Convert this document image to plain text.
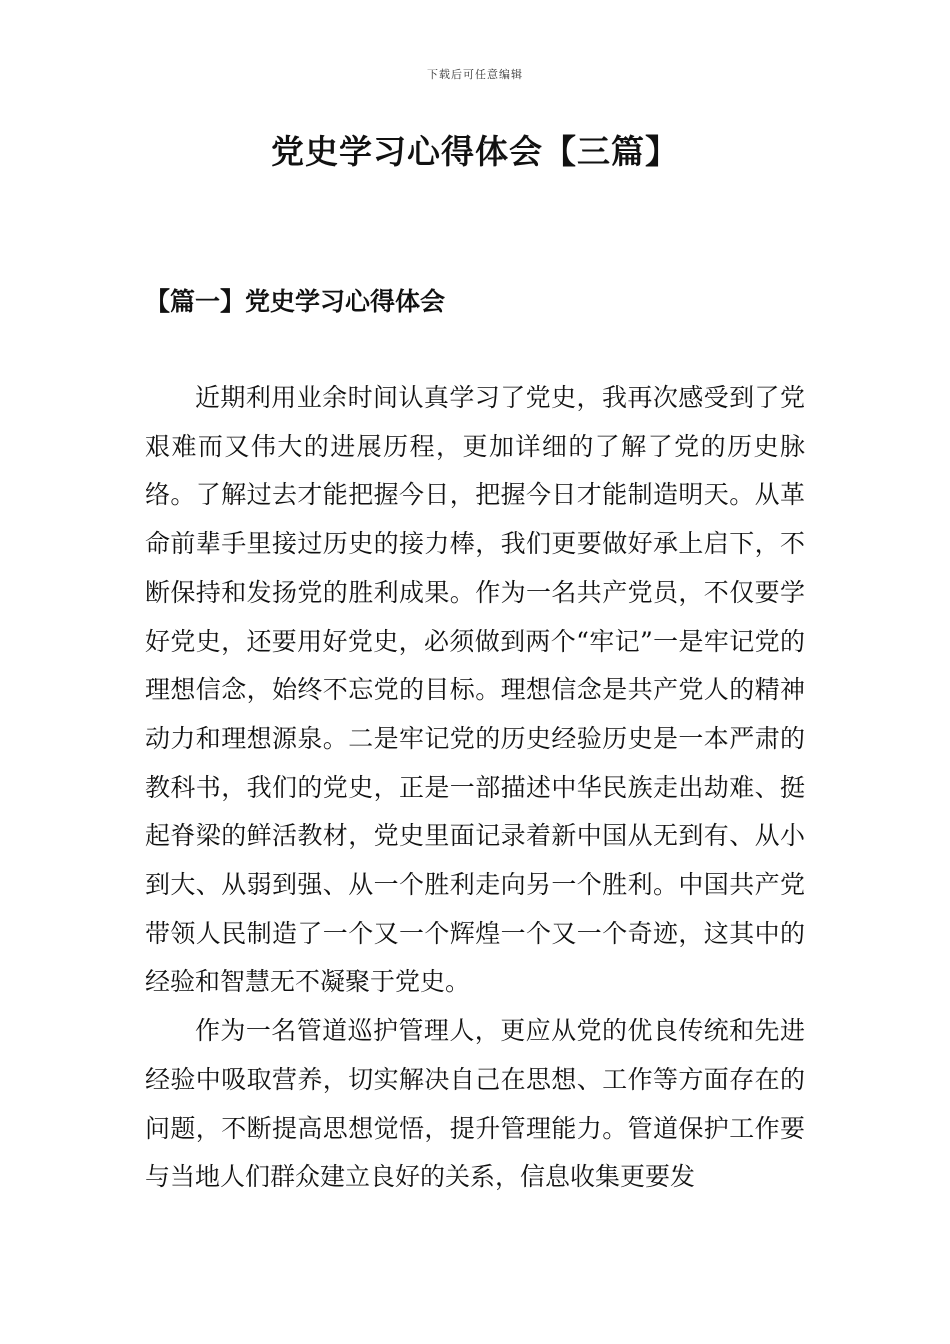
下载后可任意编辑
党史学习心得体会【三篇】
【篇一】党史学习心得体会

近期利用业余时间认真学习了党史，我再次感受到了党艰难而又伟大的进展历程，更加详细的了解了党的历史脉络。了解过去才能把握今日，把握今日才能制造明天。从革命前辈手里接过历史的接力棒，我们更要做好承上启下，不断保持和发扬党的胜利成果。作为一名共产党员，不仅要学好党史，还要用好党史，必须做到两个“牢记”一是牢记党的理想信念，始终不忘党的目标。理想信念是共产党人的精神动力和理想源泉。二是牢记党的历史经验历史是一本严肃的教科书，我们的党史，正是一部描述中华民族走出劫难、挺起脊梁的鲜活教材，党史里面记录着新中国从无到有、从小到大、从弱到强、从一个胜利走向另一个胜利。中国共产党带领人民制造了一个又一个辉煌一个又一个奇迹，这其中的经验和智慧无不凝聚于党史。

作为一名管道巡护管理人，更应从党的优良传统和先进经验中吸取营养，切实解决自己在思想、工作等方面存在的问题，不断提高思想觉悟，提升管理能力。管道保护工作要与当地人们群众建立良好的关系，信息收集更要发
